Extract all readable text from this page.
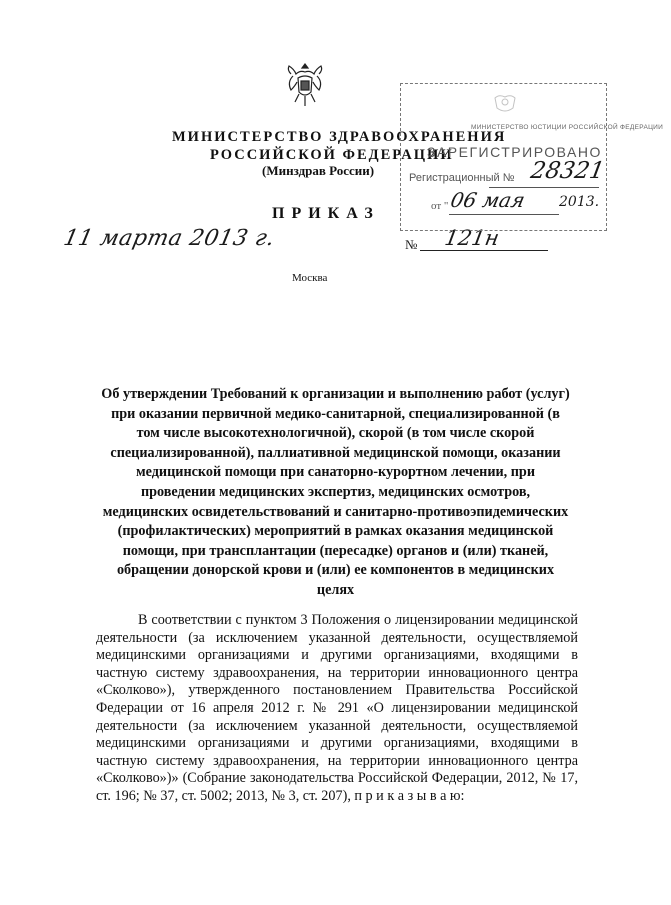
МИНИСТЕРСТВО ЗДРАВООХРАНЕНИЯ
РОССИЙСКОЙ ФЕДЕРАЦИИ
(Минздрав России)
ПРИКАЗ
11 марта 2013 г.	№ 121н
Москва
МИНИСТЕРСТВО ЮСТИЦИИ РОССИЙСКОЙ ФЕДЕРАЦИИ
ЗАРЕГИСТРИРОВАНО
Регистрационный № 28321
от " 06 мая 2013.
Об утверждении Требований к организации и выполнению работ (услуг) при оказании первичной медико-санитарной, специализированной (в том числе высокотехнологичной), скорой (в том числе скорой специализированной), паллиативной медицинской помощи, оказании медицинской помощи при санаторно-курортном лечении, при проведении медицинских экспертиз, медицинских осмотров, медицинских освидетельствований и санитарно-противоэпидемических (профилактических) мероприятий в рамках оказания медицинской помощи, при трансплантации (пересадке) органов и (или) тканей, обращении донорской крови и (или) ее компонентов в медицинских целях

В соответствии с пунктом 3 Положения о лицензировании медицинской деятельности (за исключением указанной деятельности, осуществляемой медицинскими организациями и другими организациями, входящими в частную систему здравоохранения, на территории инновационного центра «Сколково»), утвержденного постановлением Правительства Российской Федерации от 16 апреля 2012 г. № 291 «О лицензировании медицинской деятельности (за исключением указанной деятельности, осуществляемой медицинскими организациями и другими организациями, входящими в частную систему здравоохранения, на территории инновационного центра «Сколково»)» (Собрание законодательства Российской Федерации, 2012, № 17, ст. 196; № 37, ст. 5002; 2013, № 3, ст. 207), п р и к а з ы в а ю:
